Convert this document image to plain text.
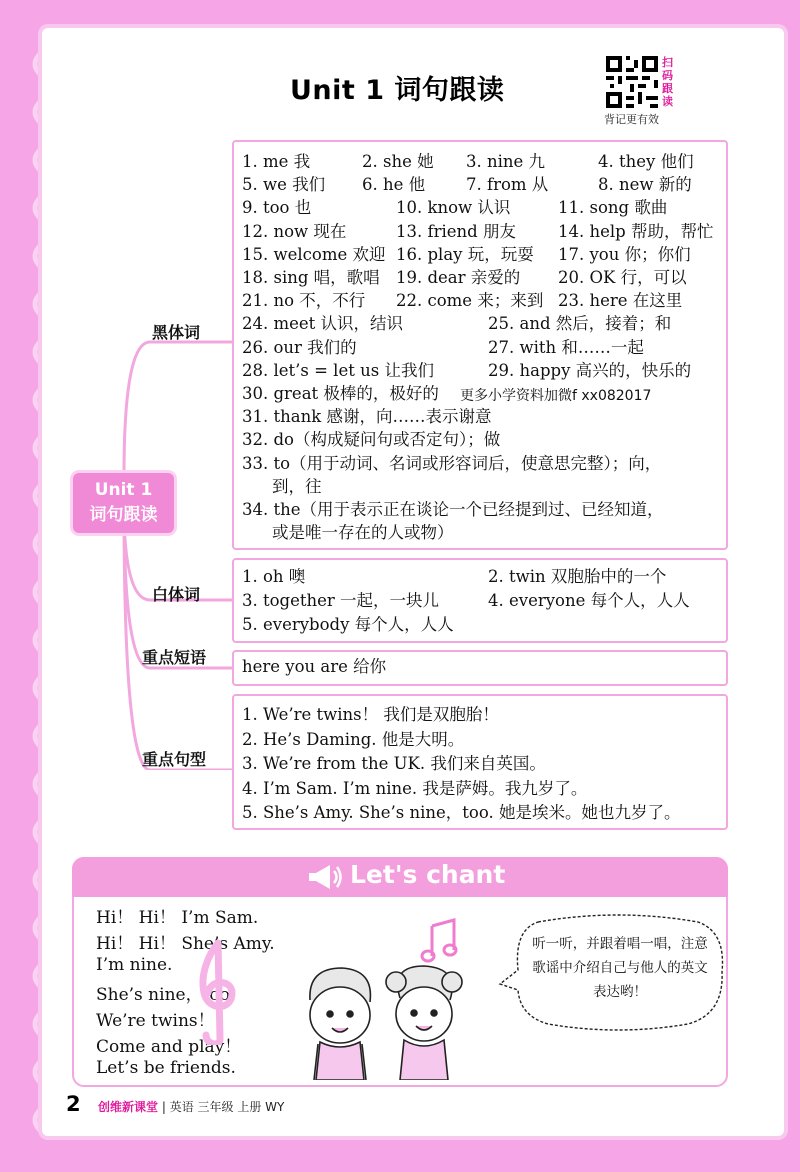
Unit 1 词句跟读
扫码跟读
背记更有效
Unit 1
词句跟读
黑体词
1. me 我	2. she 她 3. nine 九	4. they 他们
5. we 我们 6. he 他 7. from 从	8. new 新的
9. too 也	10. know 认识	11. song 歌曲
12. now 现在	13. friend 朋友	14. help 帮助，帮忙
15. welcome 欢迎 16. play 玩，玩耍 17. you 你；你们
18. sing 唱，歌唱 19. dear 亲爱的 20. OK 行，可以
21. no 不，不行 22. come 来；来到 23. here 在这里
24. meet 认识，结识	25. and 然后，接着；和
26. our 我们的	27. with 和……一起
28. let’s = let us 让我们	29. happy 高兴的，快乐的
30. great 极棒的，极好的
31. thank 感谢，向……表示谢意
32. do（构成疑问句或否定句）；做
33. to（用于动词、名词或形容词后，使意思完整）；向，
到，往
34. the（用于表示正在谈论一个已经提到过、已经知道，
或是唯一存在的人或物）
白体词
1. oh 噢	2. twin 双胞胎中的一个
3. together 一起，一块儿	4. everyone 每个人，人人
5. everybody 每个人，人人
重点短语 here you are 给你
重点句型
1. We’re twins！ 我们是双胞胎！
2. He’s Daming. 他是大明。
3. We’re from the UK. 我们来自英国。
4. I’m Sam. I’m nine. 我是萨姆。我九岁了。
5. She’s Amy. She’s nine，too. 她是埃米。她也九岁了。
更多小学资料加微f xx082017
Let's chant
Hi！ Hi！ I’m Sam.
Hi！ Hi！ She’s Amy.
I’m nine.
She’s nine，too.
We’re twins！
Come and play！
Let’s be friends.
听一听，并跟着唱一唱，注意歌谣中介绍自己与他人的英文表达哟！
2 创维新课堂 | 英语 三年级 上册 WY
